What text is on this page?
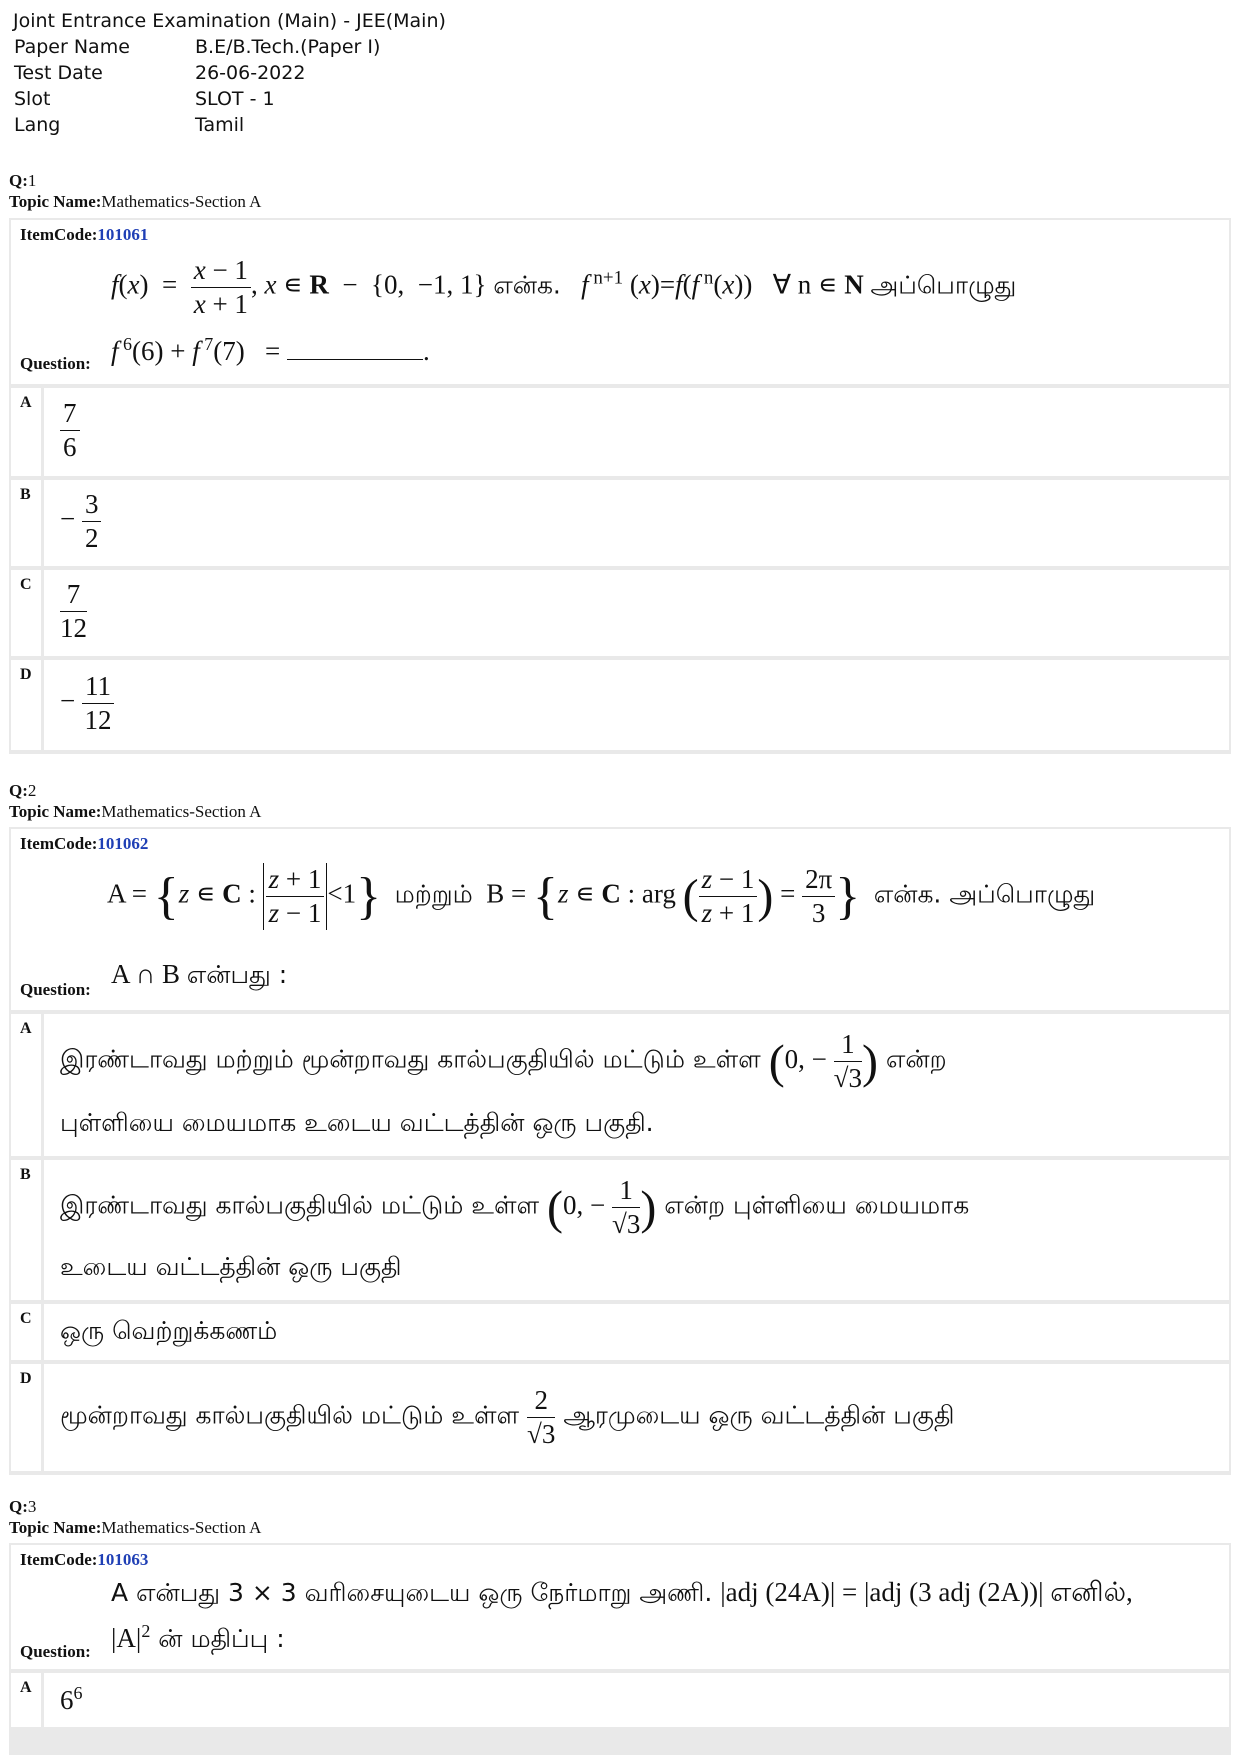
Joint Entrance Examination (Main) - JEE(Main)
Paper Name	B.E/B.Tech.(Paper I)
Test Date	26-06-2022
Slot	SLOT - 1
Lang	Tamil
Q:1
Topic Name:Mathematics-Section A
ItemCode:101061
$f(x) = \frac{x - 1}{x + 1}$ , x ∊ R  −  {0,  −1, 1} என்க. f $^{n+1}$ (x)=f(f $^n$(x))   ∀ n ∊ N அப்பொழுது
Question: f $^6$(6) + f $^7$(7)   =	.
A $\frac{7}{6}$
B
− $\frac{3}{2}$
C $\frac{7}{12}$
D
− $\frac{11}{12}$
Q:2
Topic Name:Mathematics-Section A
ItemCode:101062
A = {z ∊ C : $\frac{z + 1}{z - 1} <1$} மற்றும்  B = {z ∊ C : arg ( $\frac{z - 1}{z + 1}$ ) = $\frac{2\pi}{3}$ } என்க. அப்பொழுது
Question:
A ∩ B என்பது :
A
இரண்டாவது மற்றும் மூன்றாவது கால்பகுதியில் மட்டும் உள்ள (0, − $\frac{1}{√3}$ ) என்ற
புள்ளியை மையமாக உடைய வட்டத்தின் ஒரு பகுதி.
B
இரண்டாவது கால்பகுதியில் மட்டும் உள்ள (0, − $\frac{1}{√3}$ ) என்ற புள்ளியை மையமாக
உடைய வட்டத்தின் ஒரு பகுதி
C ஒரு வெற்றுக்கணம்
D
மூன்றாவது கால்பகுதியில் மட்டும் உள்ள $\frac{2}{√3}$ ஆரமுடைய ஒரு வட்டத்தின் பகுதி
Q:3
Topic Name:Mathematics-Section A
ItemCode:101063
A என்பது 3 × 3 வரிசையுடைய ஒரு நேர்மாறு அணி. |adj (24A)| = |adj (3 adj (2A))| எனில்,
Question: $|A|^2$ ன் மதிப்பு :
A $6^6$
